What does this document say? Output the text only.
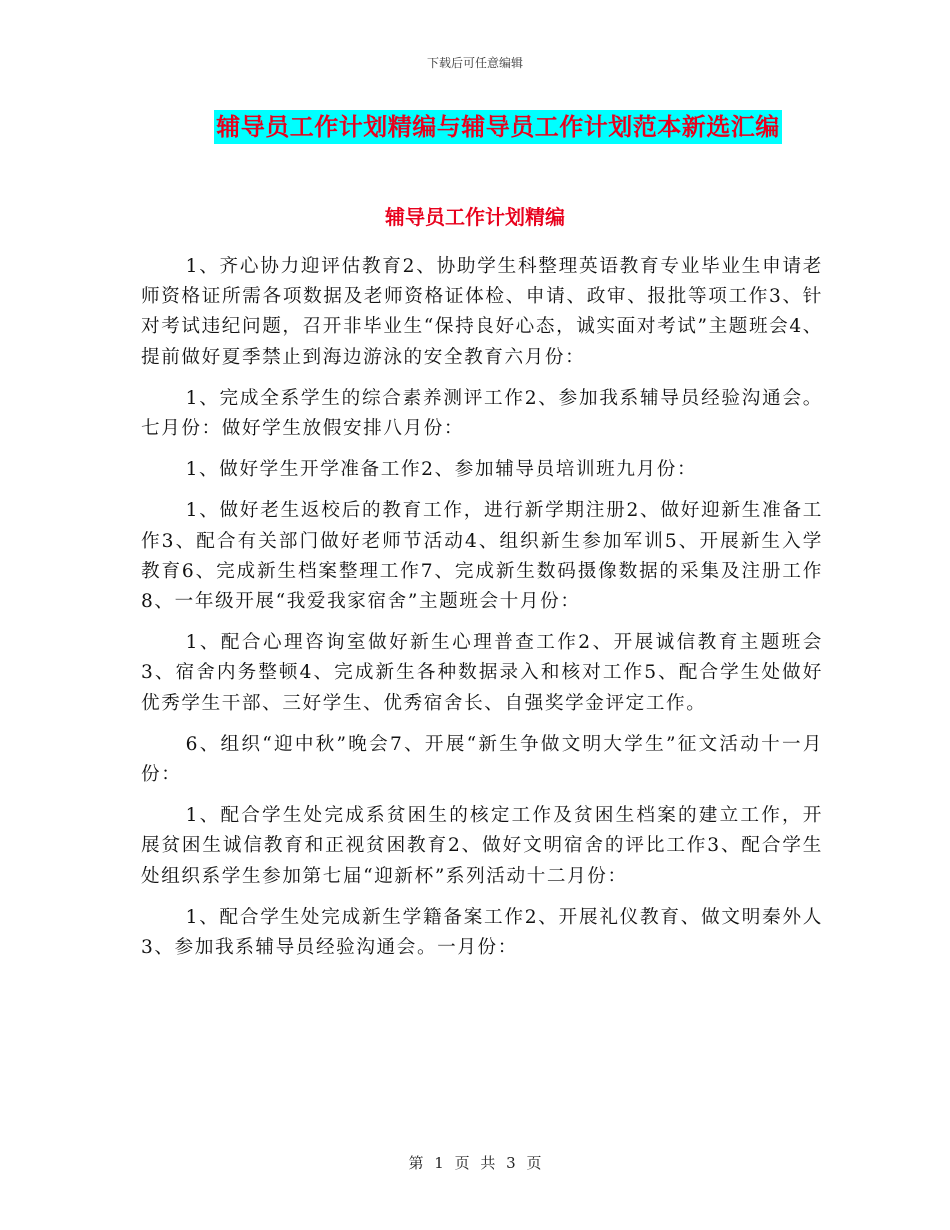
下载后可任意编辑
辅导员工作计划精编与辅导员工作计划范本新选汇编
辅导员工作计划精编

1、齐心协力迎评估教育2、协助学生科整理英语教育专业毕业生申请老师资格证所需各项数据及老师资格证体检、申请、政审、报批等项工作3、针对考试违纪问题，召开非毕业生“保持良好心态，诚实面对考试”主题班会4、提前做好夏季禁止到海边游泳的安全教育六月份：

1、完成全系学生的综合素养测评工作2、参加我系辅导员经验沟通会。七月份：做好学生放假安排八月份：

1、做好学生开学准备工作2、参加辅导员培训班九月份：

1、做好老生返校后的教育工作，进行新学期注册2、做好迎新生准备工作3、配合有关部门做好老师节活动4、组织新生参加军训5、开展新生入学教育6、完成新生档案整理工作7、完成新生数码摄像数据的采集及注册工作8、一年级开展“我爱我家宿舍”主题班会十月份：

1、配合心理咨询室做好新生心理普查工作2、开展诚信教育主题班会3、宿舍内务整顿4、完成新生各种数据录入和核对工作5、配合学生处做好优秀学生干部、三好学生、优秀宿舍长、自强奖学金评定工作。

6、组织“迎中秋”晚会7、开展“新生争做文明大学生”征文活动十一月份：

1、配合学生处完成系贫困生的核定工作及贫困生档案的建立工作，开展贫困生诚信教育和正视贫困教育2、做好文明宿舍的评比工作3、配合学生处组织系学生参加第七届“迎新杯”系列活动十二月份：

1、配合学生处完成新生学籍备案工作2、开展礼仪教育、做文明秦外人3、参加我系辅导员经验沟通会。一月份：

第 1 页 共 3 页
